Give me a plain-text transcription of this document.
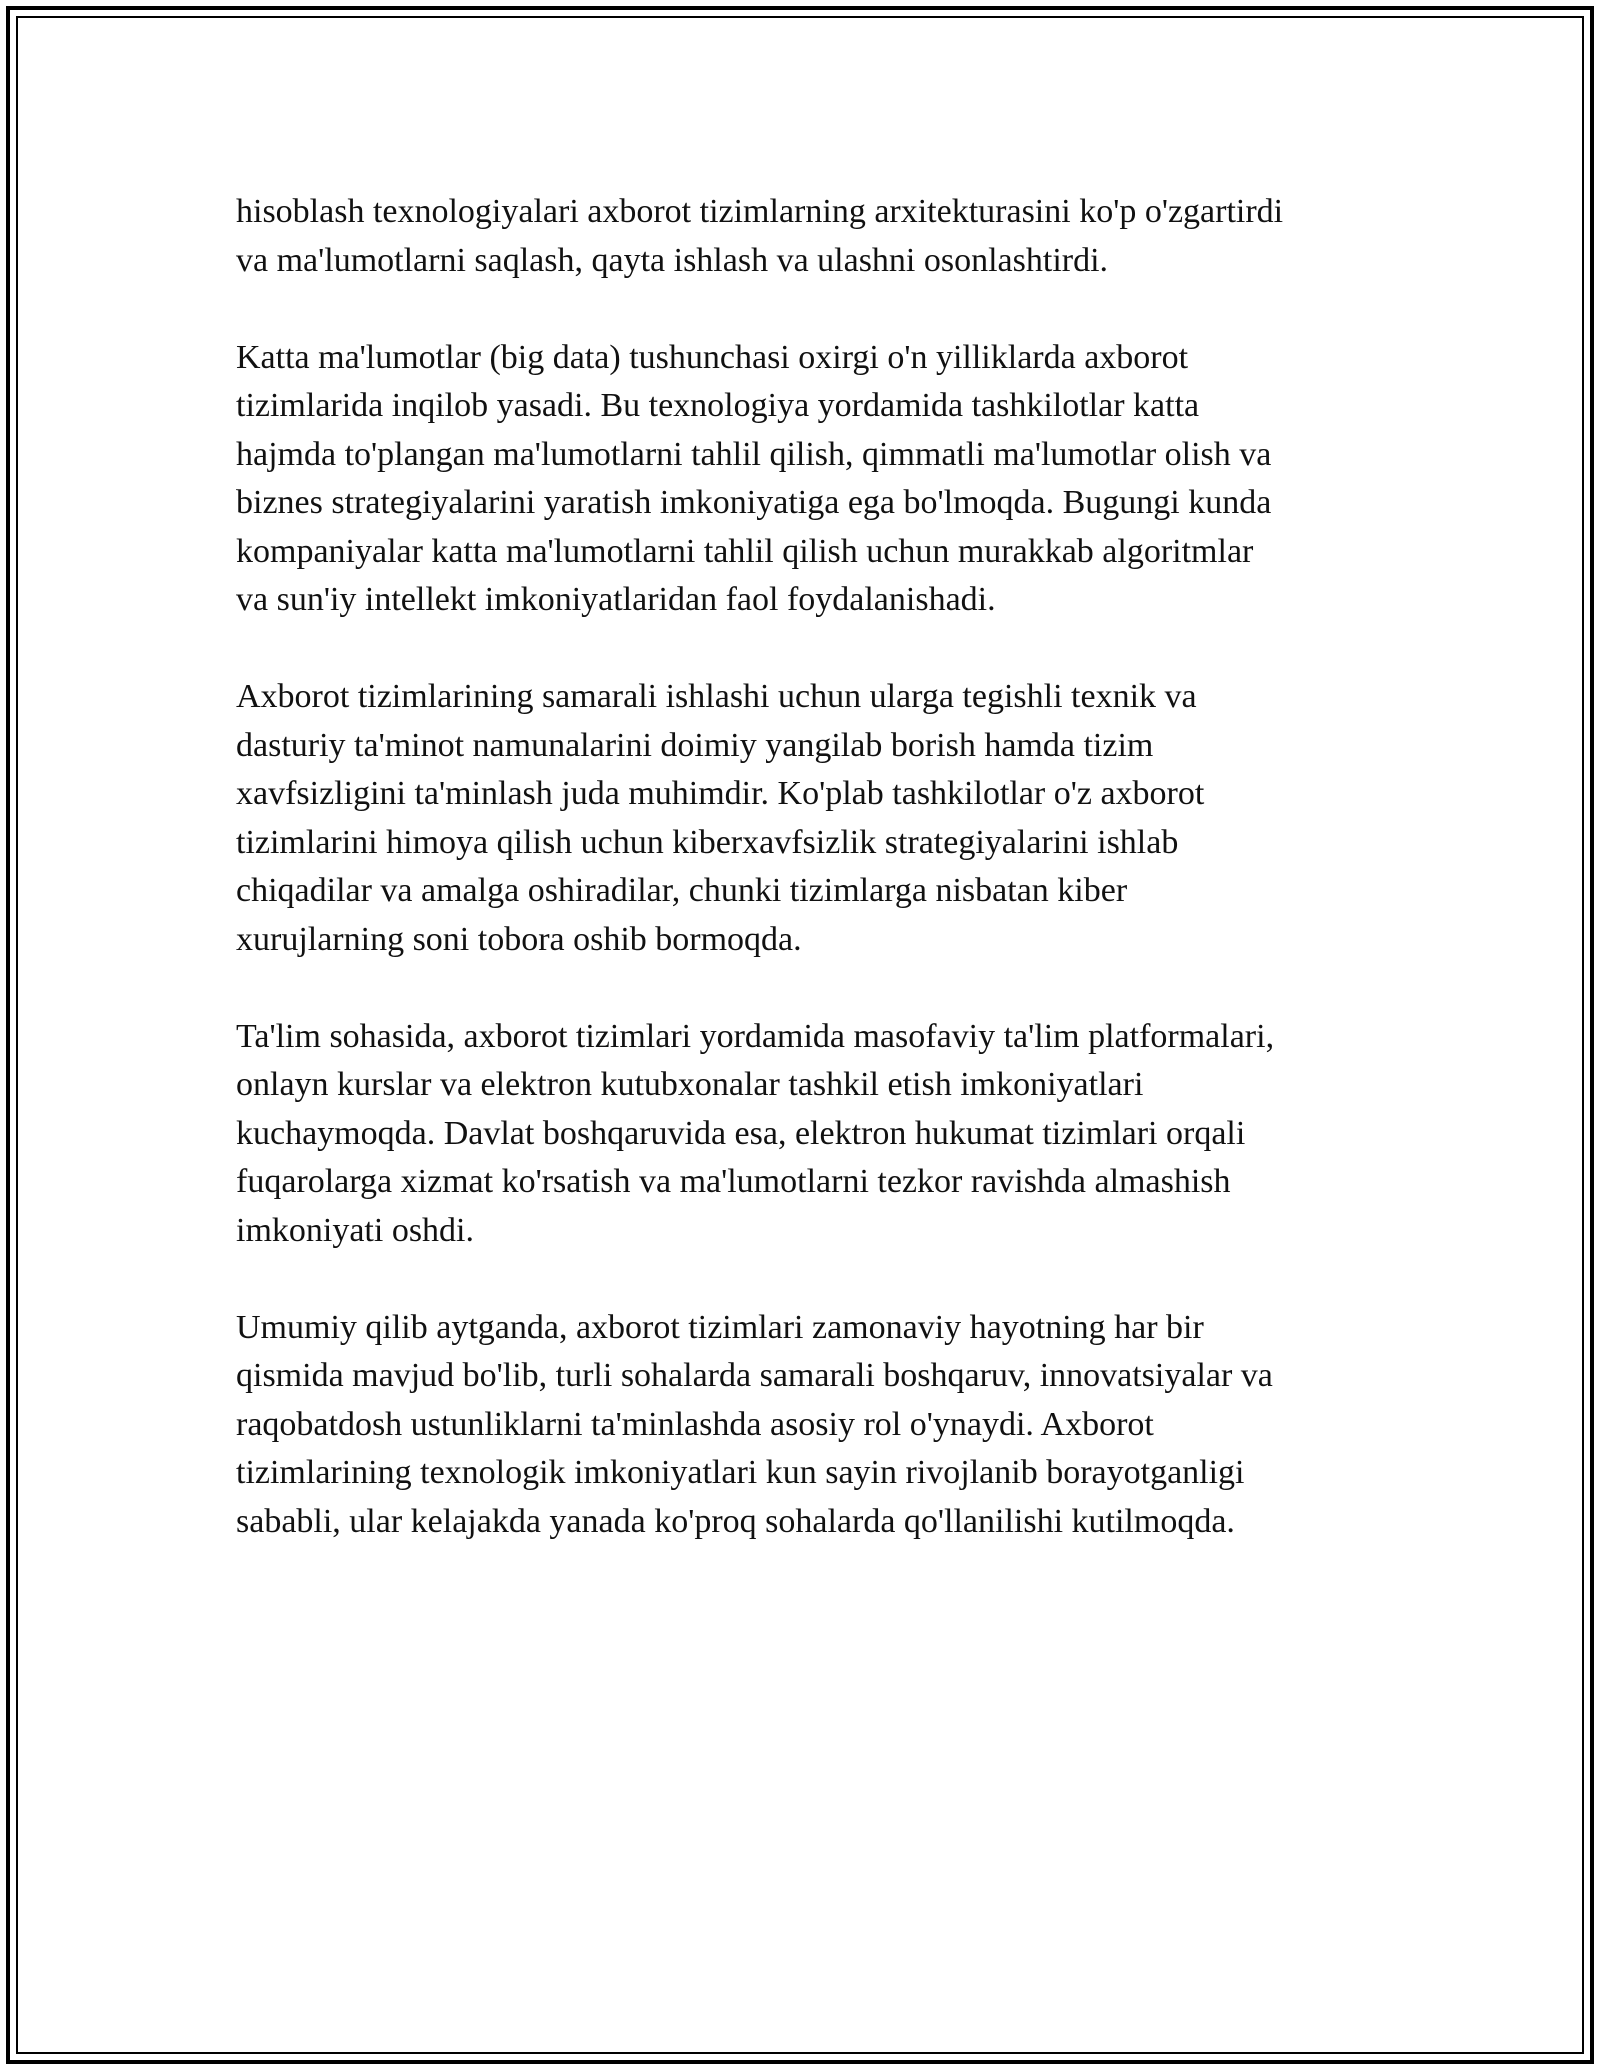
hisoblash texnologiyalari axborot tizimlarning arxitekturasini ko'p o'zgartirdi
va ma'lumotlarni saqlash, qayta ishlash va ulashni osonlashtirdi.

Katta ma'lumotlar (big data) tushunchasi oxirgi o'n yilliklarda axborot
tizimlarida inqilob yasadi. Bu texnologiya yordamida tashkilotlar katta
hajmda to'plangan ma'lumotlarni tahlil qilish, qimmatli ma'lumotlar olish va
biznes strategiyalarini yaratish imkoniyatiga ega bo'lmoqda. Bugungi kunda
kompaniyalar katta ma'lumotlarni tahlil qilish uchun murakkab algoritmlar
va sun'iy intellekt imkoniyatlaridan faol foydalanishadi.

Axborot tizimlarining samarali ishlashi uchun ularga tegishli texnik va
dasturiy ta'minot namunalarini doimiy yangilab borish hamda tizim
xavfsizligini ta'minlash juda muhimdir. Ko'plab tashkilotlar o'z axborot
tizimlarini himoya qilish uchun kiberxavfsizlik strategiyalarini ishlab
chiqadilar va amalga oshiradilar, chunki tizimlarga nisbatan kiber
xurujlarning soni tobora oshib bormoqda.

Ta'lim sohasida, axborot tizimlari yordamida masofaviy ta'lim platformalari,
onlayn kurslar va elektron kutubxonalar tashkil etish imkoniyatlari
kuchaymoqda. Davlat boshqaruvida esa, elektron hukumat tizimlari orqali
fuqarolarga xizmat ko'rsatish va ma'lumotlarni tezkor ravishda almashish
imkoniyati oshdi.

Umumiy qilib aytganda, axborot tizimlari zamonaviy hayotning har bir
qismida mavjud bo'lib, turli sohalarda samarali boshqaruv, innovatsiyalar va
raqobatdosh ustunliklarni ta'minlashda asosiy rol o'ynaydi. Axborot
tizimlarining texnologik imkoniyatlari kun sayin rivojlanib borayotganligi
sababli, ular kelajakda yanada ko'proq sohalarda qo'llanilishi kutilmoqda.
